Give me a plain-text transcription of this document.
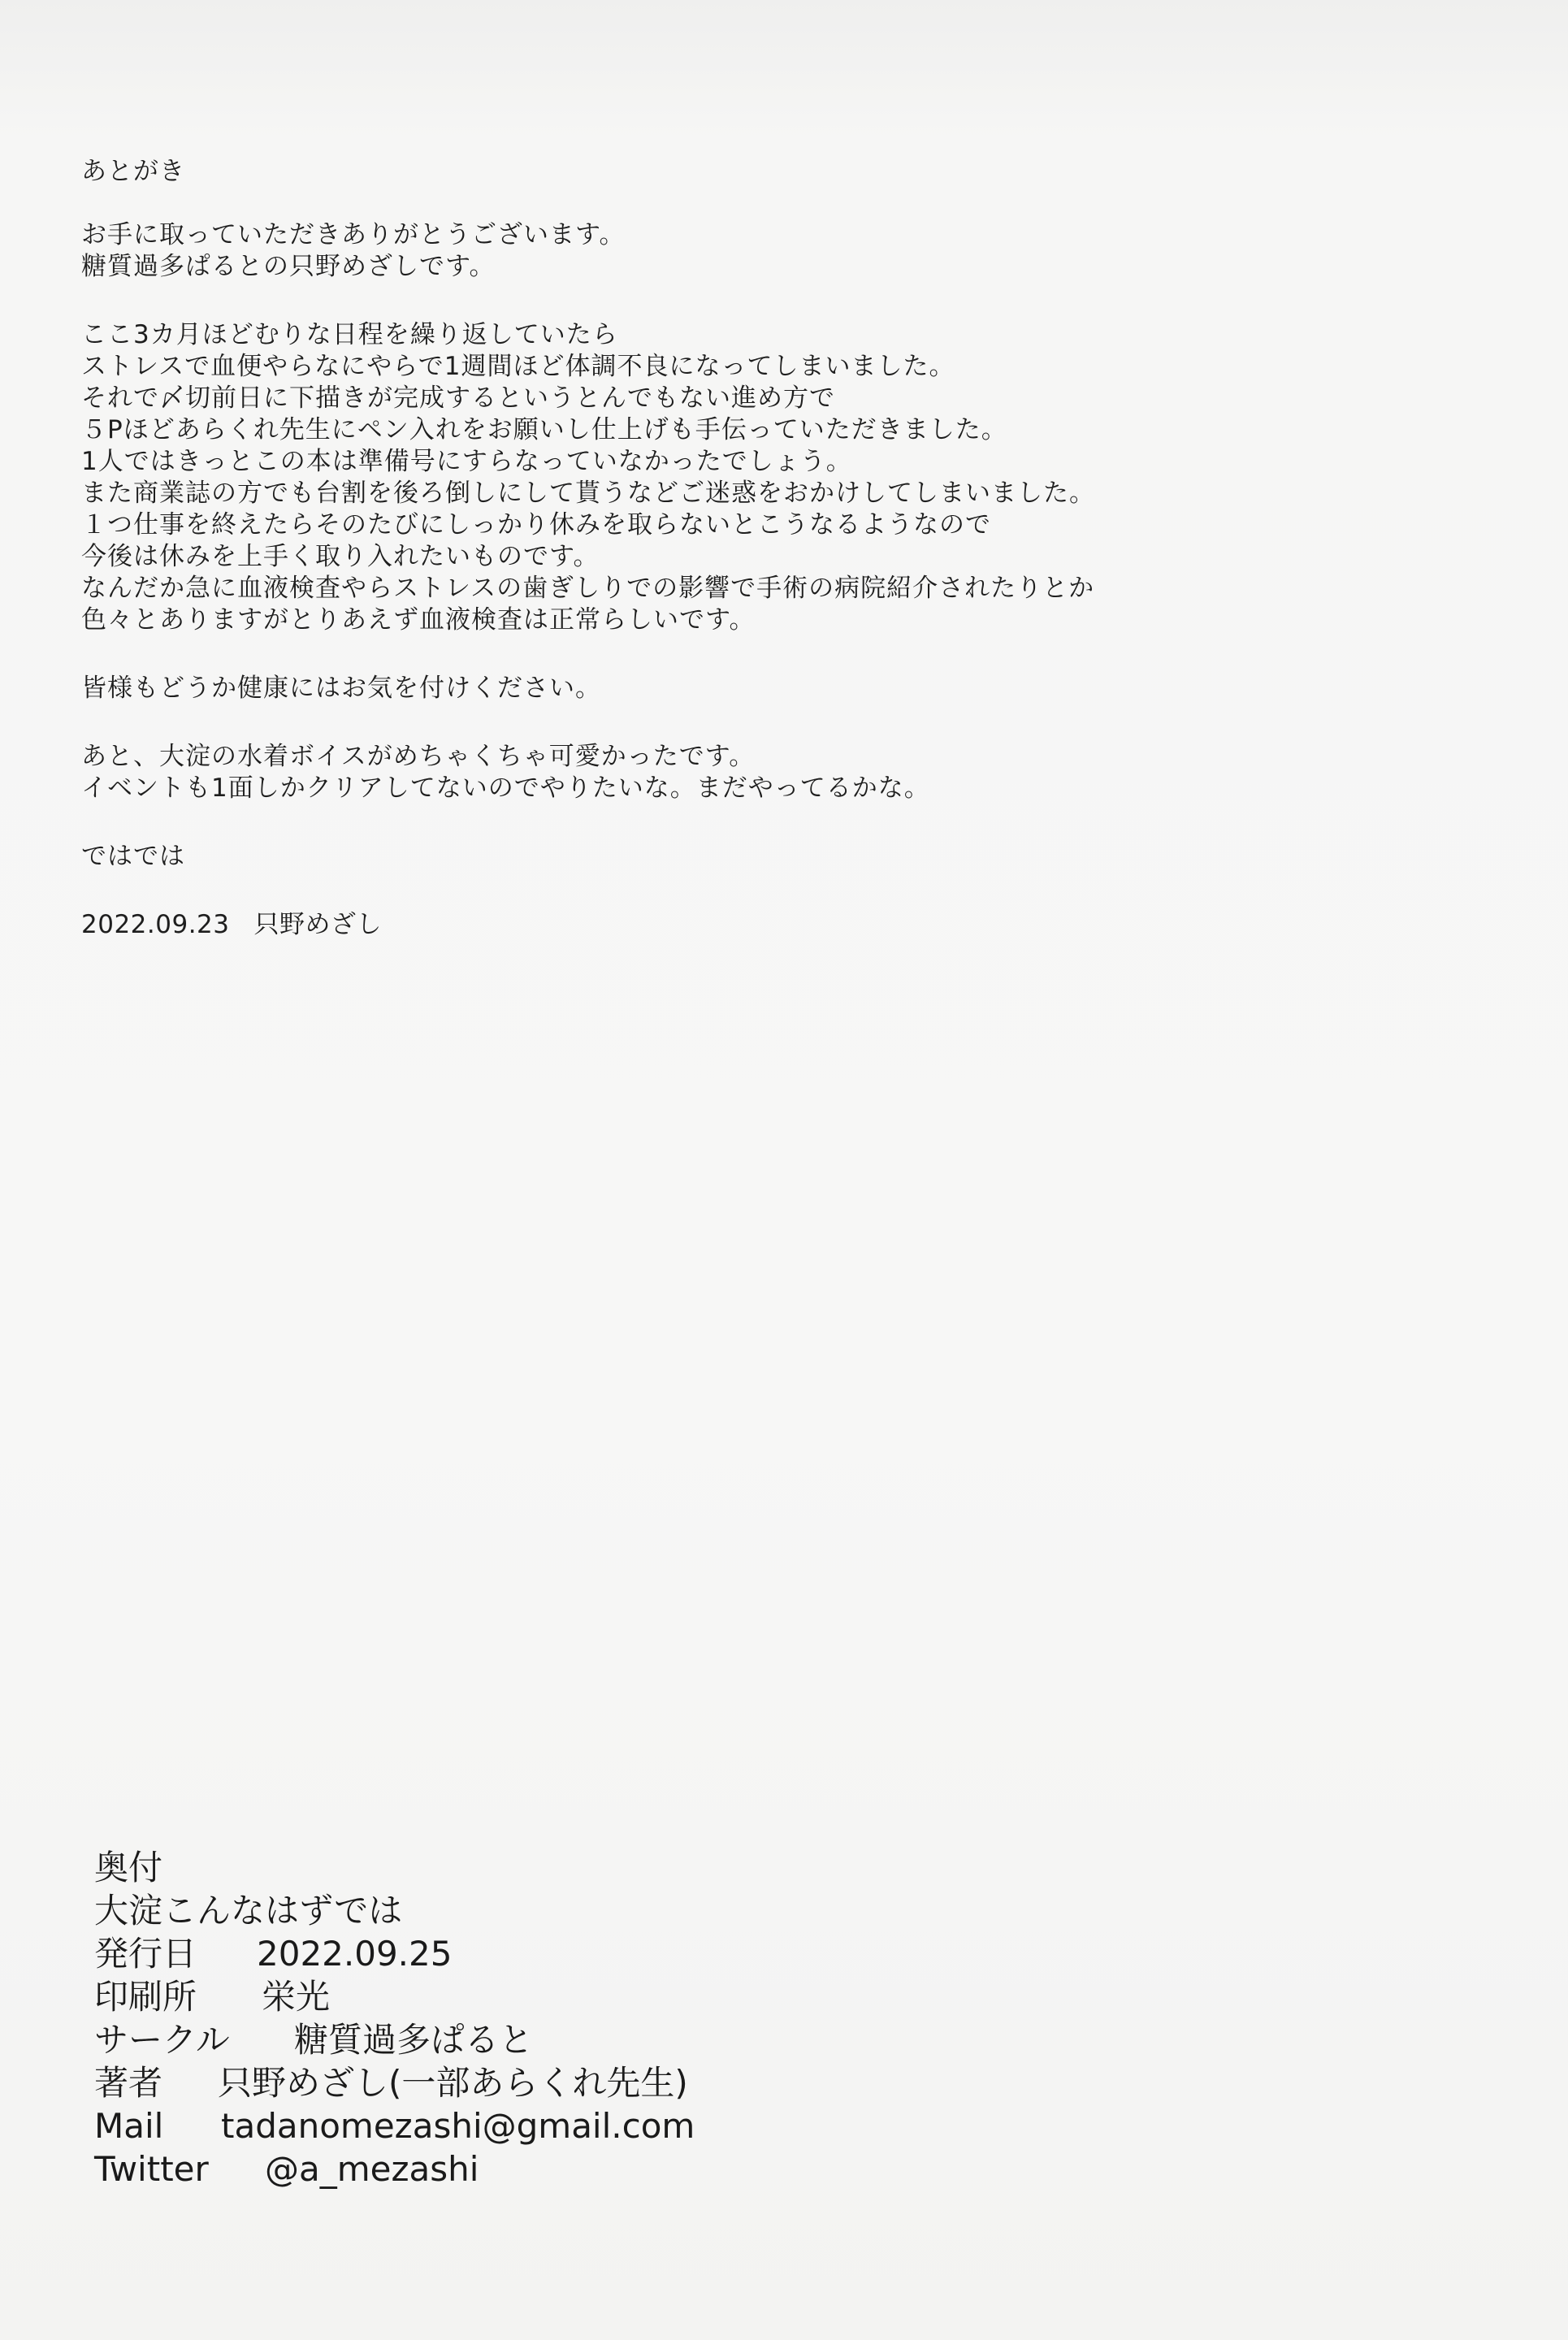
あとがき
お手に取っていただきありがとうございます。
糖質過多ぱるとの只野めざしです。
ここ3カ月ほどむりな日程を繰り返していたら
ストレスで血便やらなにやらで1週間ほど体調不良になってしまいました。
それで〆切前日に下描きが完成するというとんでもない進め方で
５Pほどあらくれ先生にペン入れをお願いし仕上げも手伝っていただきました。
1人ではきっとこの本は準備号にすらなっていなかったでしょう。
また商業誌の方でも台割を後ろ倒しにして貰うなどご迷惑をおかけしてしまいました。
１つ仕事を終えたらそのたびにしっかり休みを取らないとこうなるようなので
今後は休みを上手く取り入れたいものです。
なんだか急に血液検査やらストレスの歯ぎしりでの影響で手術の病院紹介されたりとか
色々とありますがとりあえず血液検査は正常らしいです。
皆様もどうか健康にはお気を付けください。
あと、大淀の水着ボイスがめちゃくちゃ可愛かったです。
イベントも1面しかクリアしてないのでやりたいな。まだやってるかな。
ではでは
2022.09.23 只野めざし
奥付
大淀こんなはずでは
発行日 2022.09.25
印刷所 栄光
サークル 糖質過多ぱると
著者 只野めざし(一部あらくれ先生)
Mail tadanomezashi@gmail.com
Twitter @a_mezashi
